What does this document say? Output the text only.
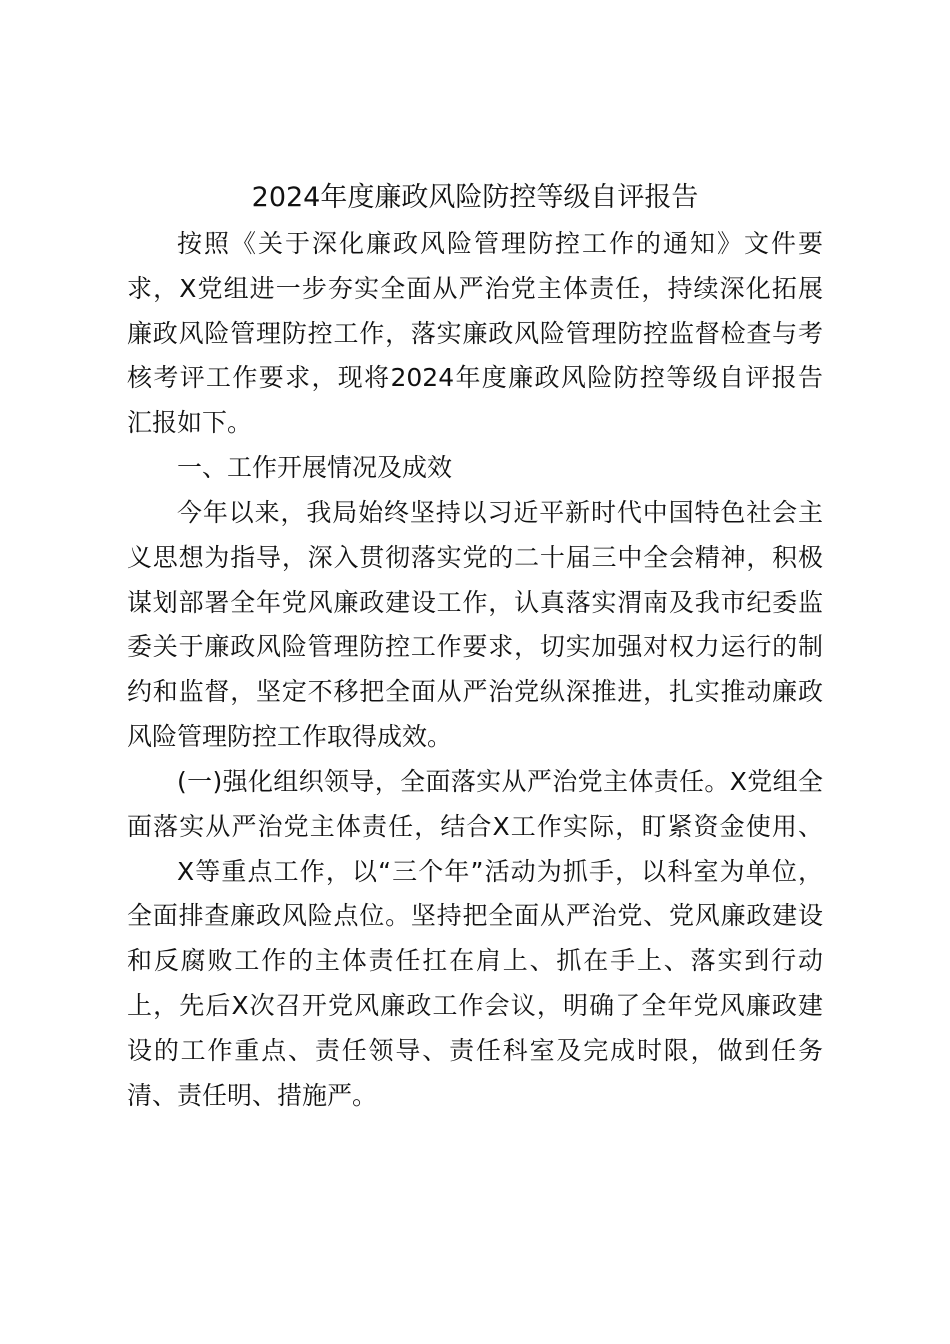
2024年度廉政风险防控等级自评报告
按照《关于深化廉政风险管理防控工作的通知》文件要
求，X党组进一步夯实全面从严治党主体责任，持续深化拓展
廉政风险管理防控工作，落实廉政风险管理防控监督检查与考
核考评工作要求，现将2024年度廉政风险防控等级自评报告
汇报如下。
一、工作开展情况及成效
今年以来，我局始终坚持以习近平新时代中国特色社会主
义思想为指导，深入贯彻落实党的二十届三中全会精神，积极
谋划部署全年党风廉政建设工作，认真落实渭南及我市纪委监
委关于廉政风险管理防控工作要求，切实加强对权力运行的制
约和监督，坚定不移把全面从严治党纵深推进，扎实推动廉政
风险管理防控工作取得成效。
(一)强化组织领导，全面落实从严治党主体责任。X党组全
面落实从严治党主体责任，结合X工作实际，盯紧资金使用、
X等重点工作，以“三个年”活动为抓手，以科室为单位，
全面排查廉政风险点位。坚持把全面从严治党、党风廉政建设
和反腐败工作的主体责任扛在肩上、抓在手上、落实到行动
上，先后X次召开党风廉政工作会议，明确了全年党风廉政建
设的工作重点、责任领导、责任科室及完成时限，做到任务
清、责任明、措施严。
